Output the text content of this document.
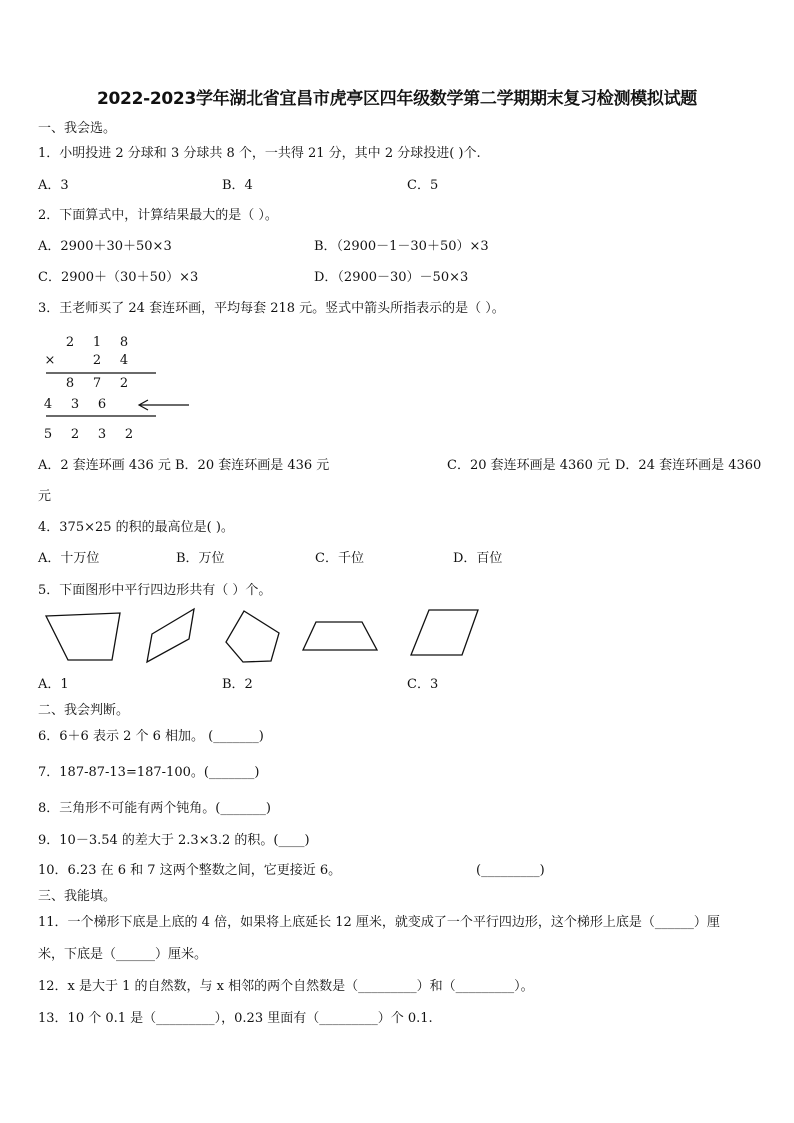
2022-2023学年湖北省宜昌市虎亭区四年级数学第二学期期末复习检测模拟试题
一、我会选。
1．小明投进 2 分球和 3 分球共 8 个，一共得 21 分，其中 2 分球投进( )个.
A．3	B．4	C．5
2．下面算式中，计算结果最大的是（ ）。
A．2900＋30＋50×3	B．（2900－1－30＋50）×3
C．2900＋（30＋50）×3	D．（2900－30）－50×3
3．王老师买了 24 套连环画，平均每套 218 元。竖式中箭头所指表示的是（ ）。
2 1 8
×	2 4
8 7 2
4 3 6
5 2 3 2
A．2 套连环画 436 元 B．20 套连环画是 436 元	C．20 套连环画是 4360 元 D．24 套连环画是 4360
元
4．375×25 的积的最高位是( )。
A．十万位	B．万位	C．千位	D．百位
5．下面图形中平行四边形共有（ ）个。
A．1	B．2	C．3
二、我会判断。
6．6＋6 表示 2 个 6 相加。 (_______)
7．187-87-13=187-100。(_______)
8．三角形不可能有两个钝角。(_______)
9．10－3.54 的差大于 2.3×3.2 的积。(____)
10．6.23 在 6 和 7 这两个整数之间，它更接近 6。	(_________)
三、我能填。
11．一个梯形下底是上底的 4 倍，如果将上底延长 12 厘米，就变成了一个平行四边形，这个梯形上底是（______）厘
米，下底是（______）厘米。
12．x 是大于 1 的自然数，与 x 相邻的两个自然数是（_________）和（_________）。
13．10 个 0.1 是（_________），0.23 里面有（_________）个 0.1.
